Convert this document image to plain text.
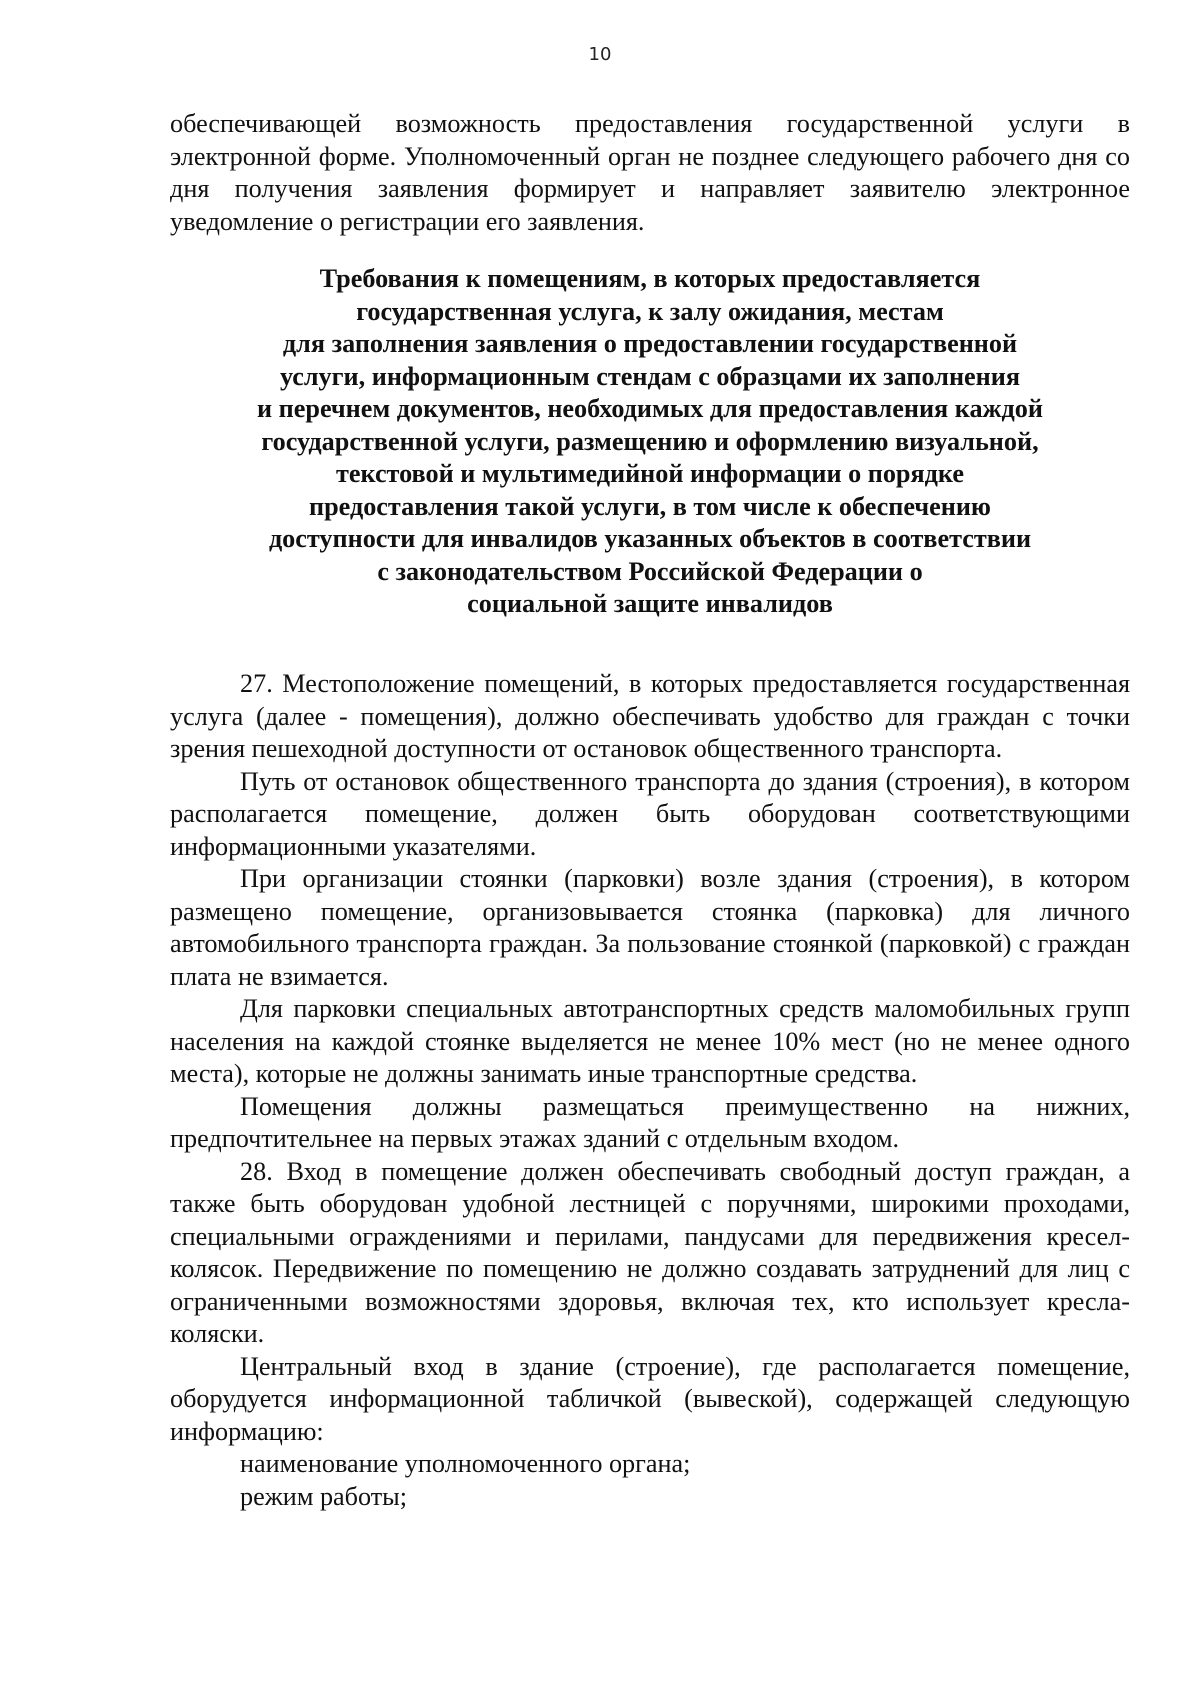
10

обеспечивающей возможность предоставления государственной услуги в электронной форме. Уполномоченный орган не позднее следующего рабочего дня со дня получения заявления формирует и направляет заявителю электронное уведомление о регистрации его заявления.

Требования к помещениям, в которых предоставляется
государственная услуга, к залу ожидания, местам
для заполнения заявления о предоставлении государственной
услуги, информационным стендам с образцами их заполнения
и перечнем документов, необходимых для предоставления каждой
государственной услуги, размещению и оформлению визуальной,
текстовой и мультимедийной информации о порядке
предоставления такой услуги, в том числе к обеспечению
доступности для инвалидов указанных объектов в соответствии
с законодательством Российской Федерации о
социальной защите инвалидов

27. Местоположение помещений, в которых предоставляется государственная услуга (далее - помещения), должно обеспечивать удобство для граждан с точки зрения пешеходной доступности от остановок общественного транспорта.

Путь от остановок общественного транспорта до здания (строения), в котором располагается помещение, должен быть оборудован соответствующими информационными указателями.

При организации стоянки (парковки) возле здания (строения), в котором размещено помещение, организовывается стоянка (парковка) для личного автомобильного транспорта граждан. За пользование стоянкой (парковкой) с граждан плата не взимается.

Для парковки специальных автотранспортных средств маломобильных групп населения на каждой стоянке выделяется не менее 10% мест (но не менее одного места), которые не должны занимать иные транспортные средства.

Помещения должны размещаться преимущественно на нижних, предпочтительнее на первых этажах зданий с отдельным входом.

28. Вход в помещение должен обеспечивать свободный доступ граждан, а также быть оборудован удобной лестницей с поручнями, широкими проходами, специальными ограждениями и перилами, пандусами для передвижения кресел-колясок. Передвижение по помещению не должно создавать затруднений для лиц с ограниченными возможностями здоровья, включая тех, кто использует кресла-коляски.

Центральный вход в здание (строение), где располагается помещение, оборудуется информационной табличкой (вывеской), содержащей следующую информацию:

наименование уполномоченного органа;

режим работы;
